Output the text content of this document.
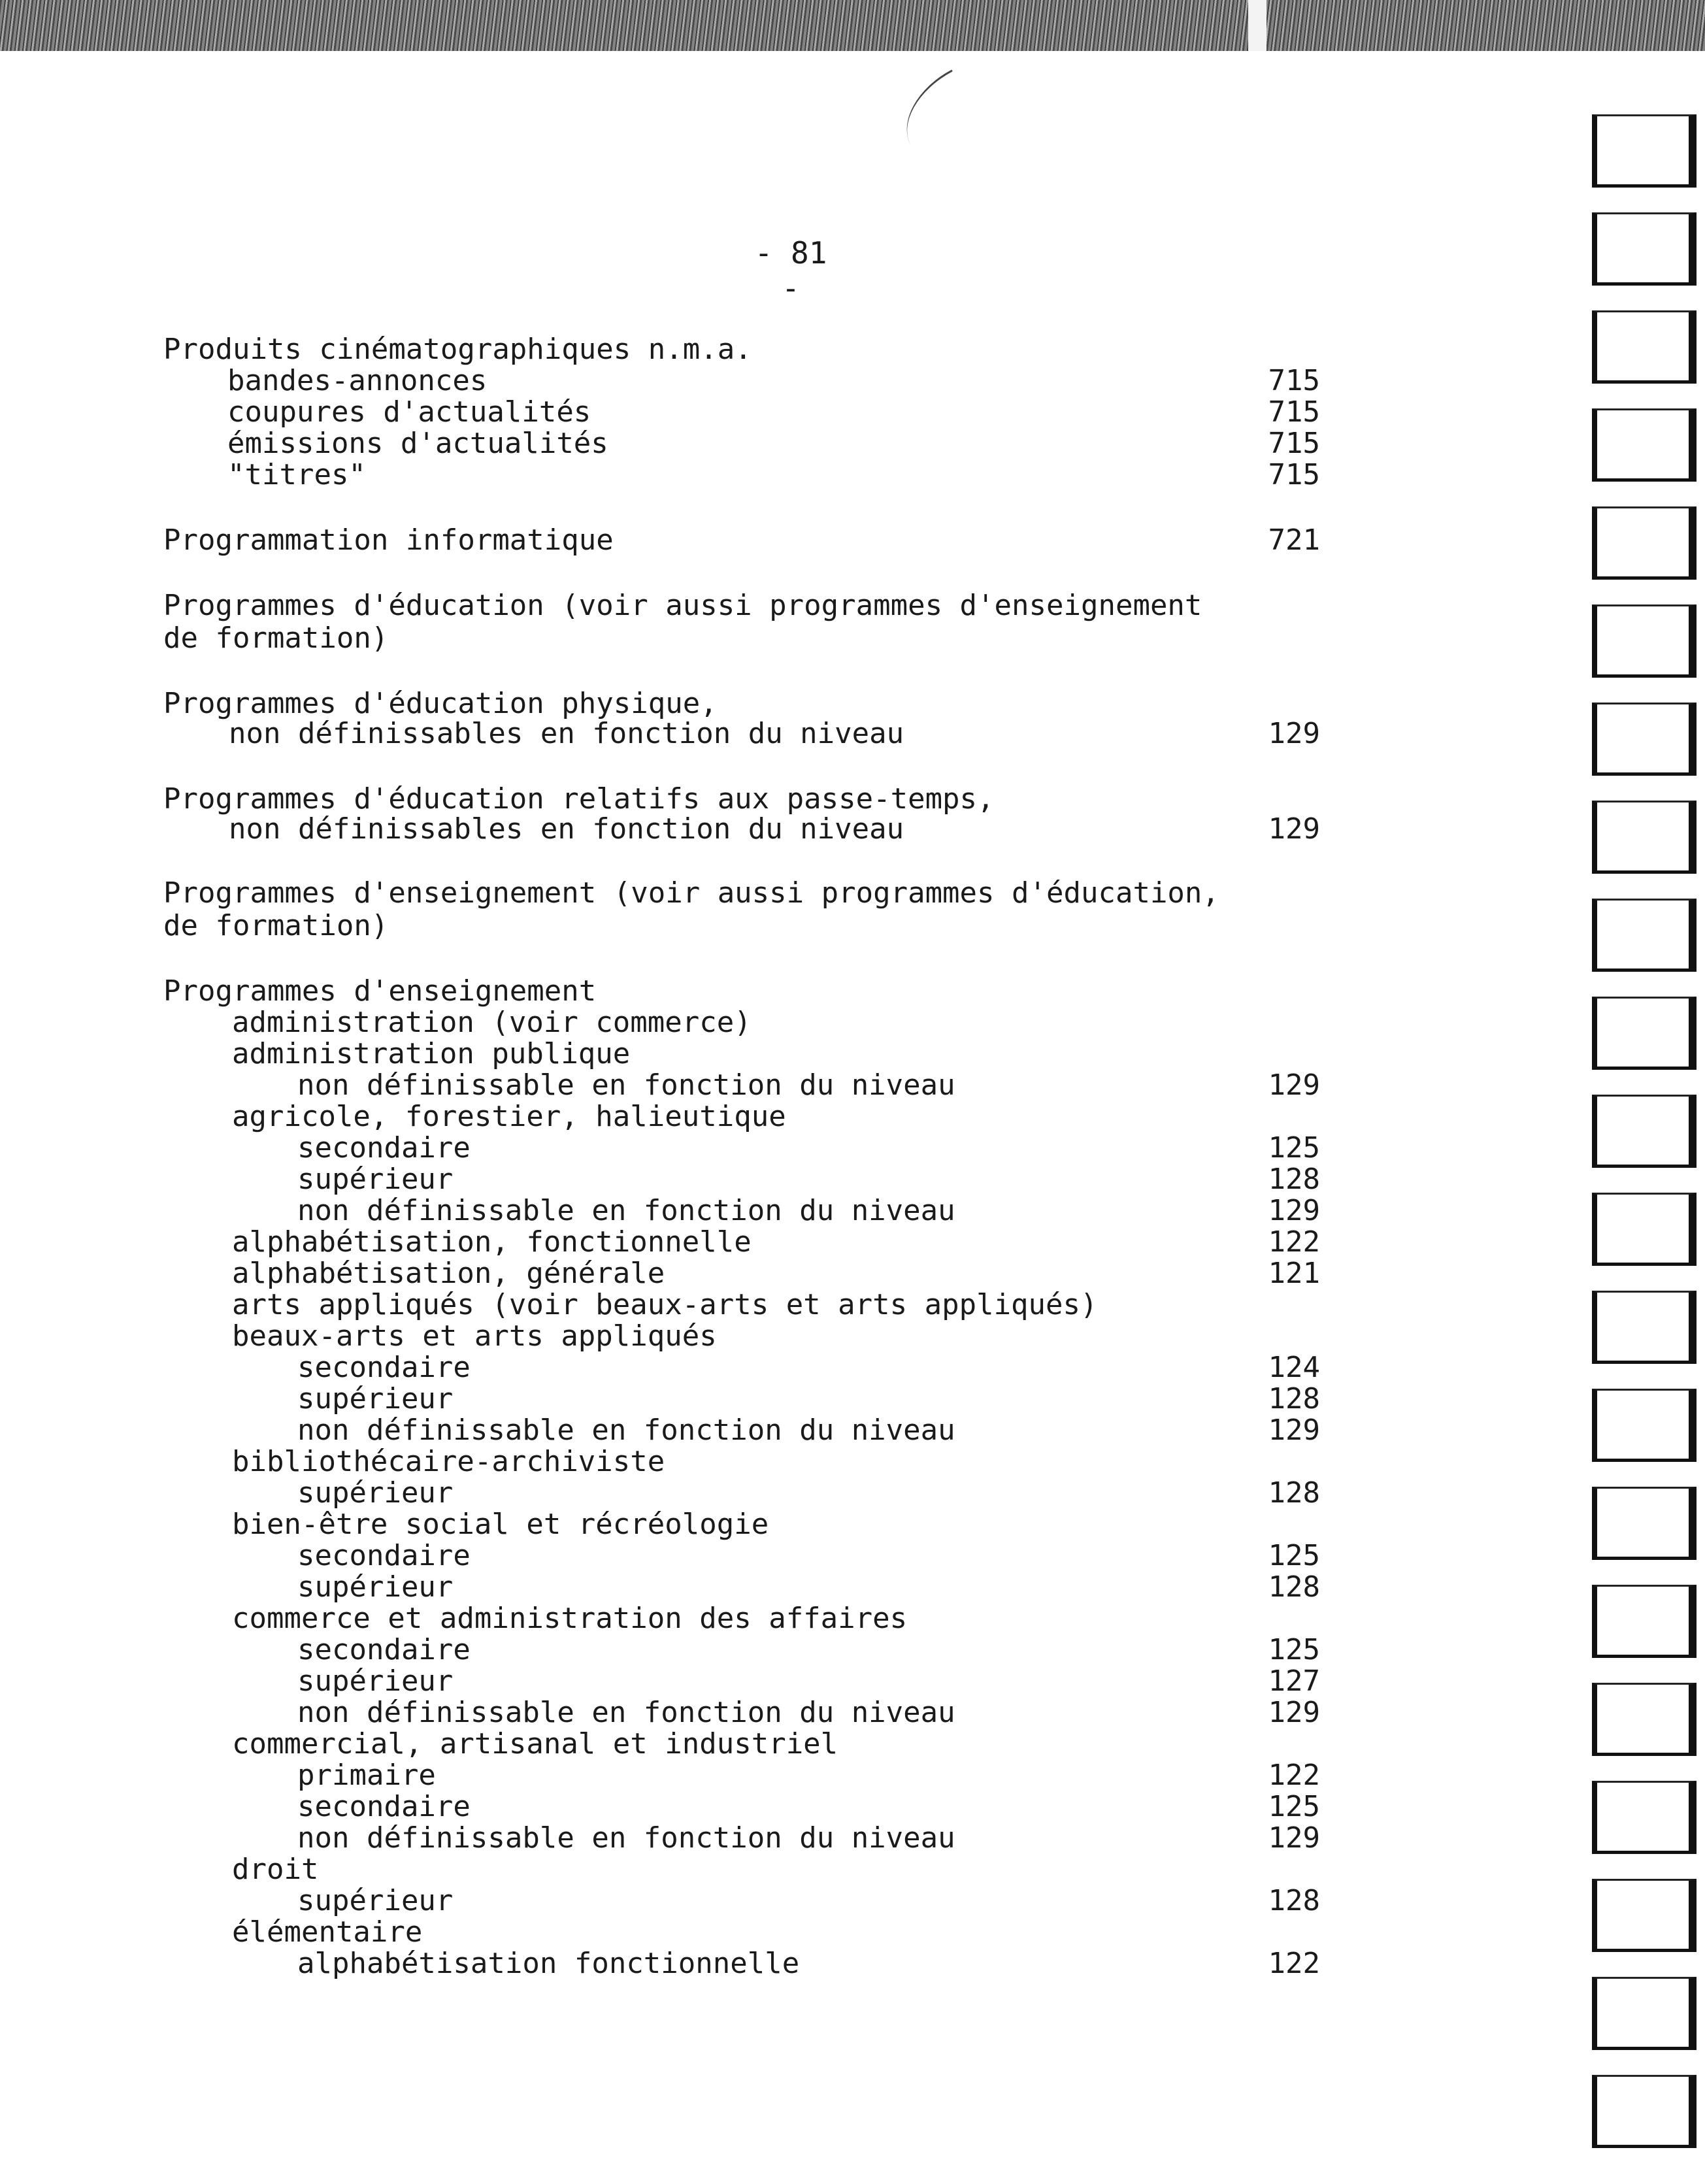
- 81 -
Produits cinématographiques n.m.a.
bandes-annonces	715
coupures d'actualités	715
émissions d'actualités	715
"titres"	715
Programmation informatique	721
Programmes d'éducation (voir aussi programmes d'enseignement
de formation)
Programmes d'éducation physique,
non définissables en fonction du niveau	129
Programmes d'éducation relatifs aux passe-temps,
non définissables en fonction du niveau	129
Programmes d'enseignement (voir aussi programmes d'éducation,
de formation)
Programmes d'enseignement
administration (voir commerce)
administration publique
non définissable en fonction du niveau	129
agricole, forestier, halieutique
secondaire	125
supérieur	128
non définissable en fonction du niveau	129
alphabétisation, fonctionnelle	122
alphabétisation, générale	121
arts appliqués (voir beaux-arts et arts appliqués)
beaux-arts et arts appliqués
secondaire	124
supérieur	128
non définissable en fonction du niveau	129
bibliothécaire-archiviste
supérieur	128
bien-être social et récréologie
secondaire	125
supérieur	128
commerce et administration des affaires
secondaire	125
supérieur	127
non définissable en fonction du niveau	129
commercial, artisanal et industriel
primaire	122
secondaire	125
non définissable en fonction du niveau	129
droit
supérieur	128
élémentaire
alphabétisation fonctionnelle	122
